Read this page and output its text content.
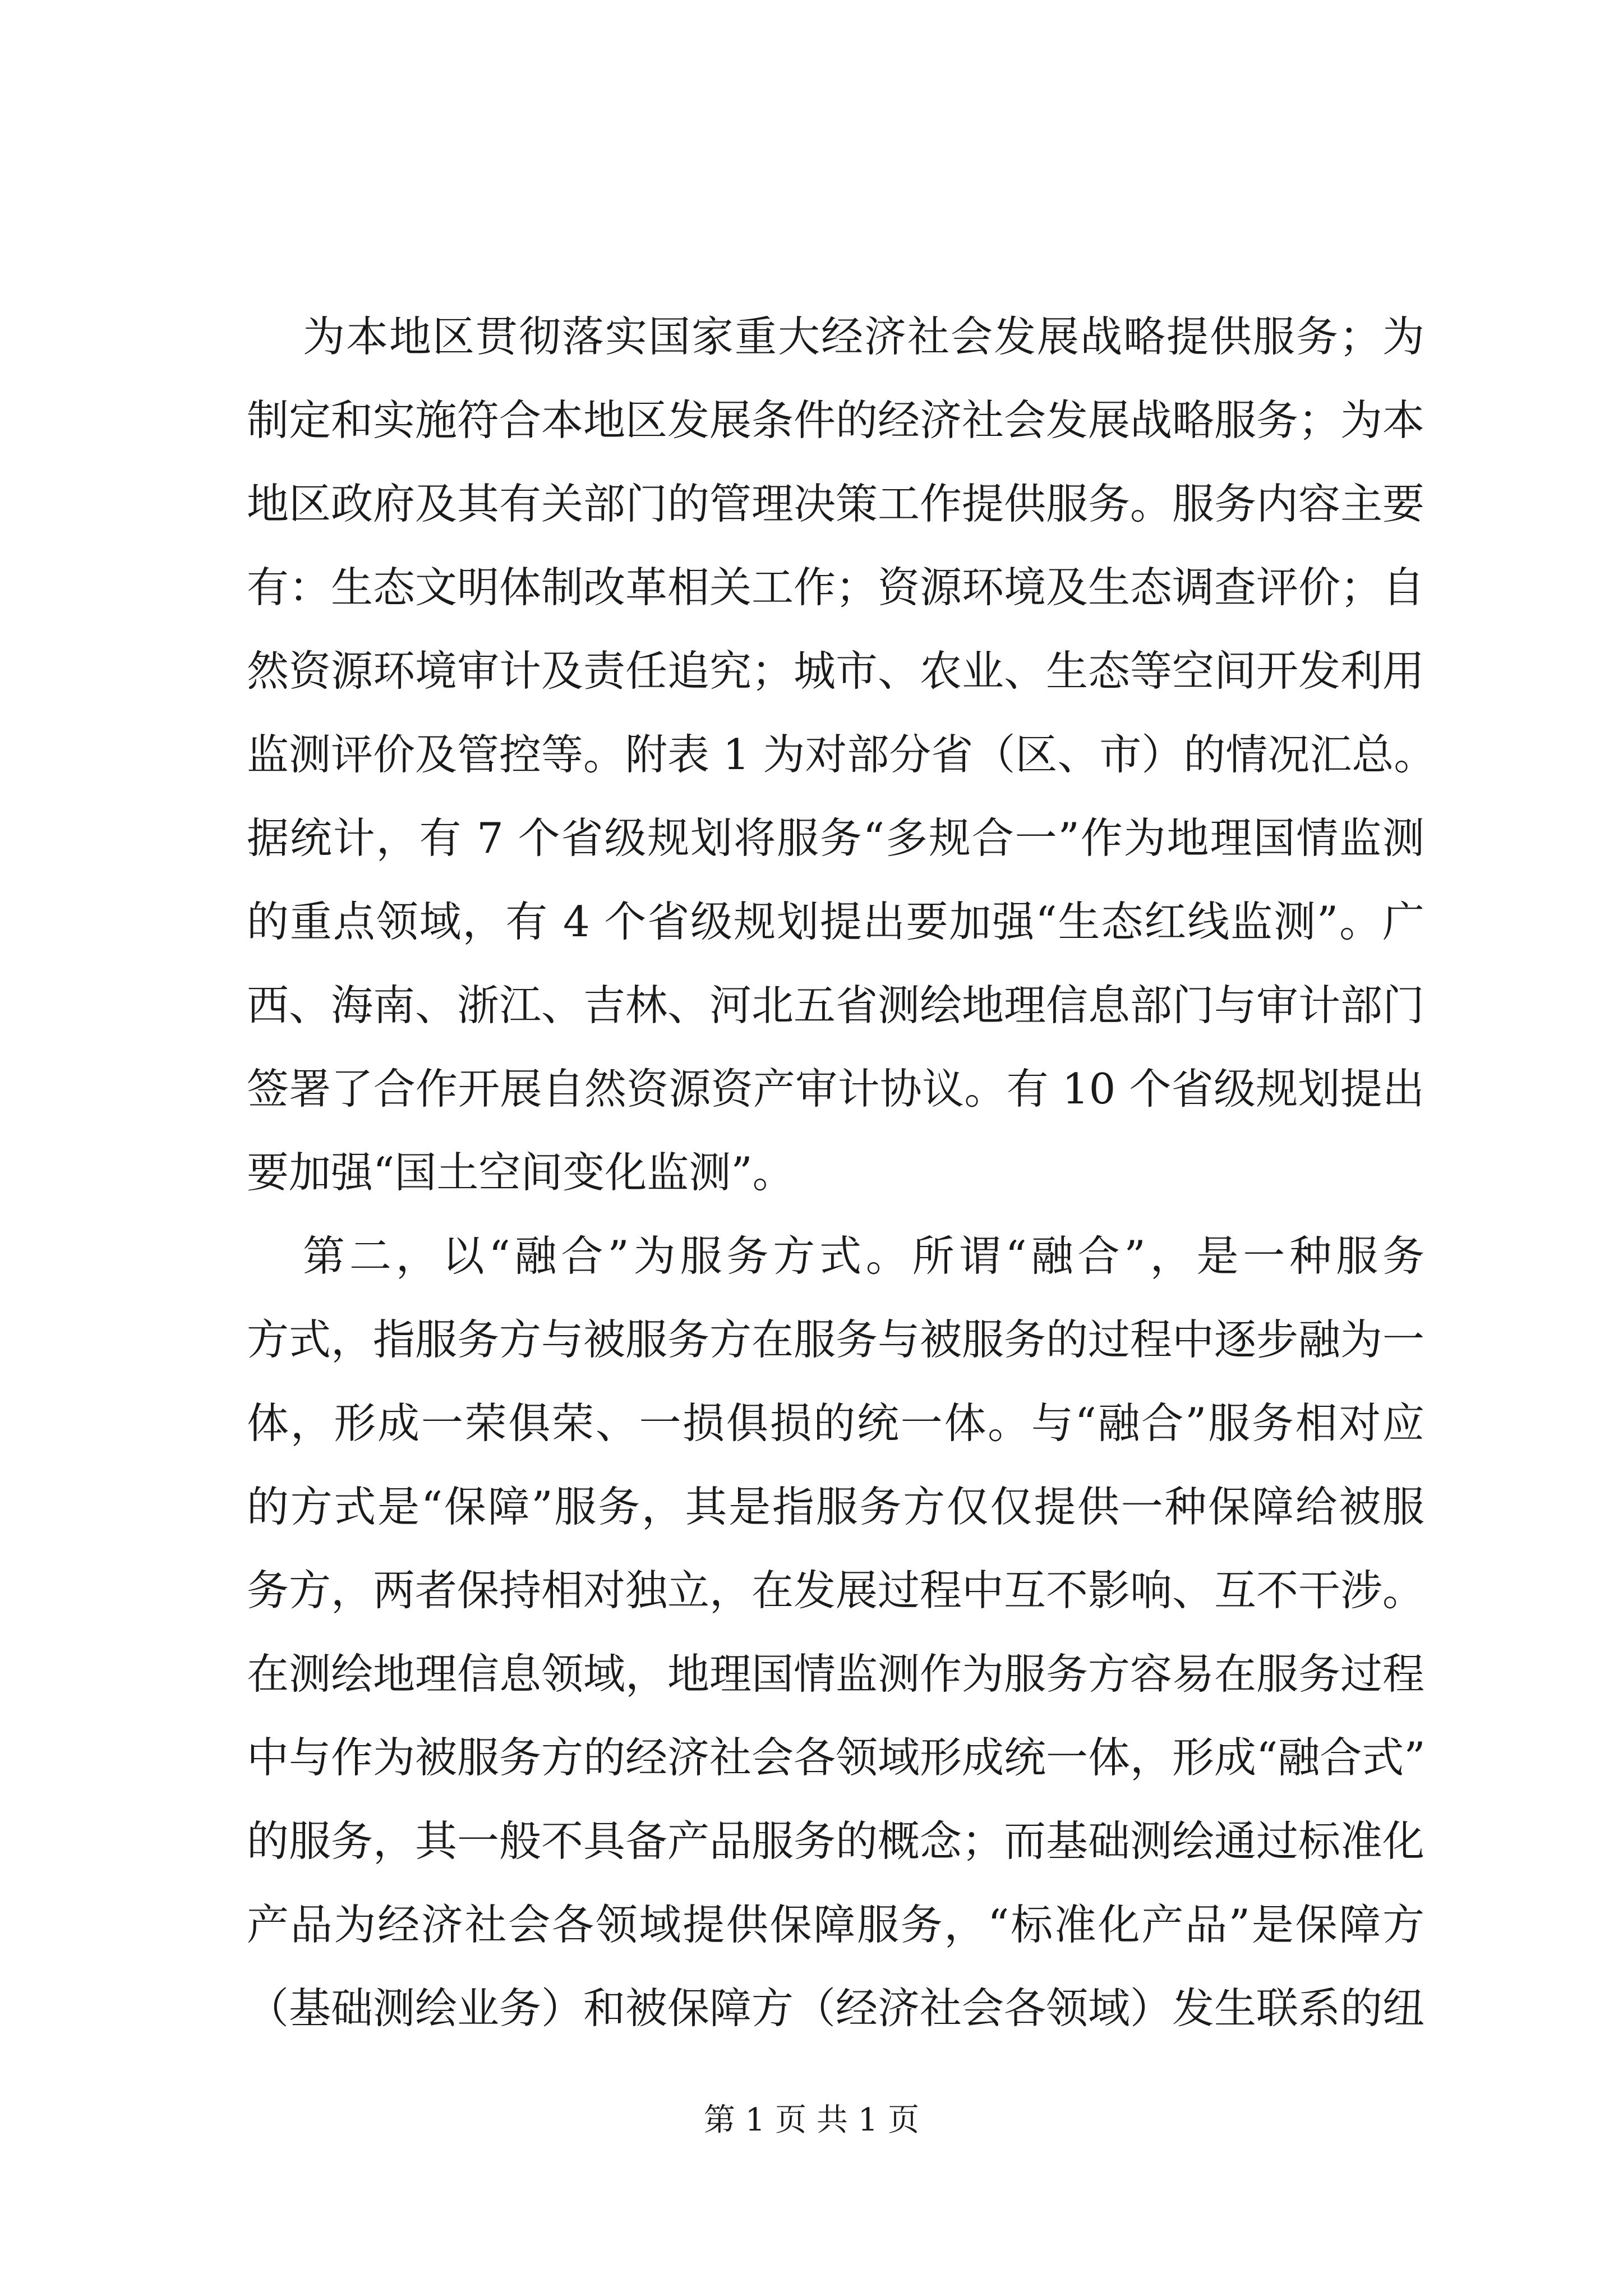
为本地区贯彻落实国家重大经济社会发展战略提供服务；为
制定和实施符合本地区发展条件的经济社会发展战略服务；为本
地区政府及其有关部门的管理决策工作提供服务。服务内容主要
有：生态文明体制改革相关工作；资源环境及生态调查评价；自
然资源环境审计及责任追究；城市、农业、生态等空间开发利用
监测评价及管控等。附表 1 为对部分省（区、市）的情况汇总。
据统计，有 7 个省级规划将服务“多规合一”作为地理国情监测
的重点领域，有 4 个省级规划提出要加强“生态红线监测”。广
西、海南、浙江、吉林、河北五省测绘地理信息部门与审计部门
签署了合作开展自然资源资产审计协议。有 10 个省级规划提出
要加强“国土空间变化监测”。
第二，以“融合”为服务方式。所谓“融合”，是一种服务
方式，指服务方与被服务方在服务与被服务的过程中逐步融为一
体，形成一荣俱荣、一损俱损的统一体。与“融合”服务相对应
的方式是“保障”服务，其是指服务方仅仅提供一种保障给被服
务方，两者保持相对独立，在发展过程中互不影响、互不干涉。
在测绘地理信息领域，地理国情监测作为服务方容易在服务过程
中与作为被服务方的经济社会各领域形成统一体，形成“融合式”
的服务，其一般不具备产品服务的概念；而基础测绘通过标准化
产品为经济社会各领域提供保障服务，“标准化产品”是保障方
（基础测绘业务）和被保障方（经济社会各领域）发生联系的纽
第 1 页 共 1 页
